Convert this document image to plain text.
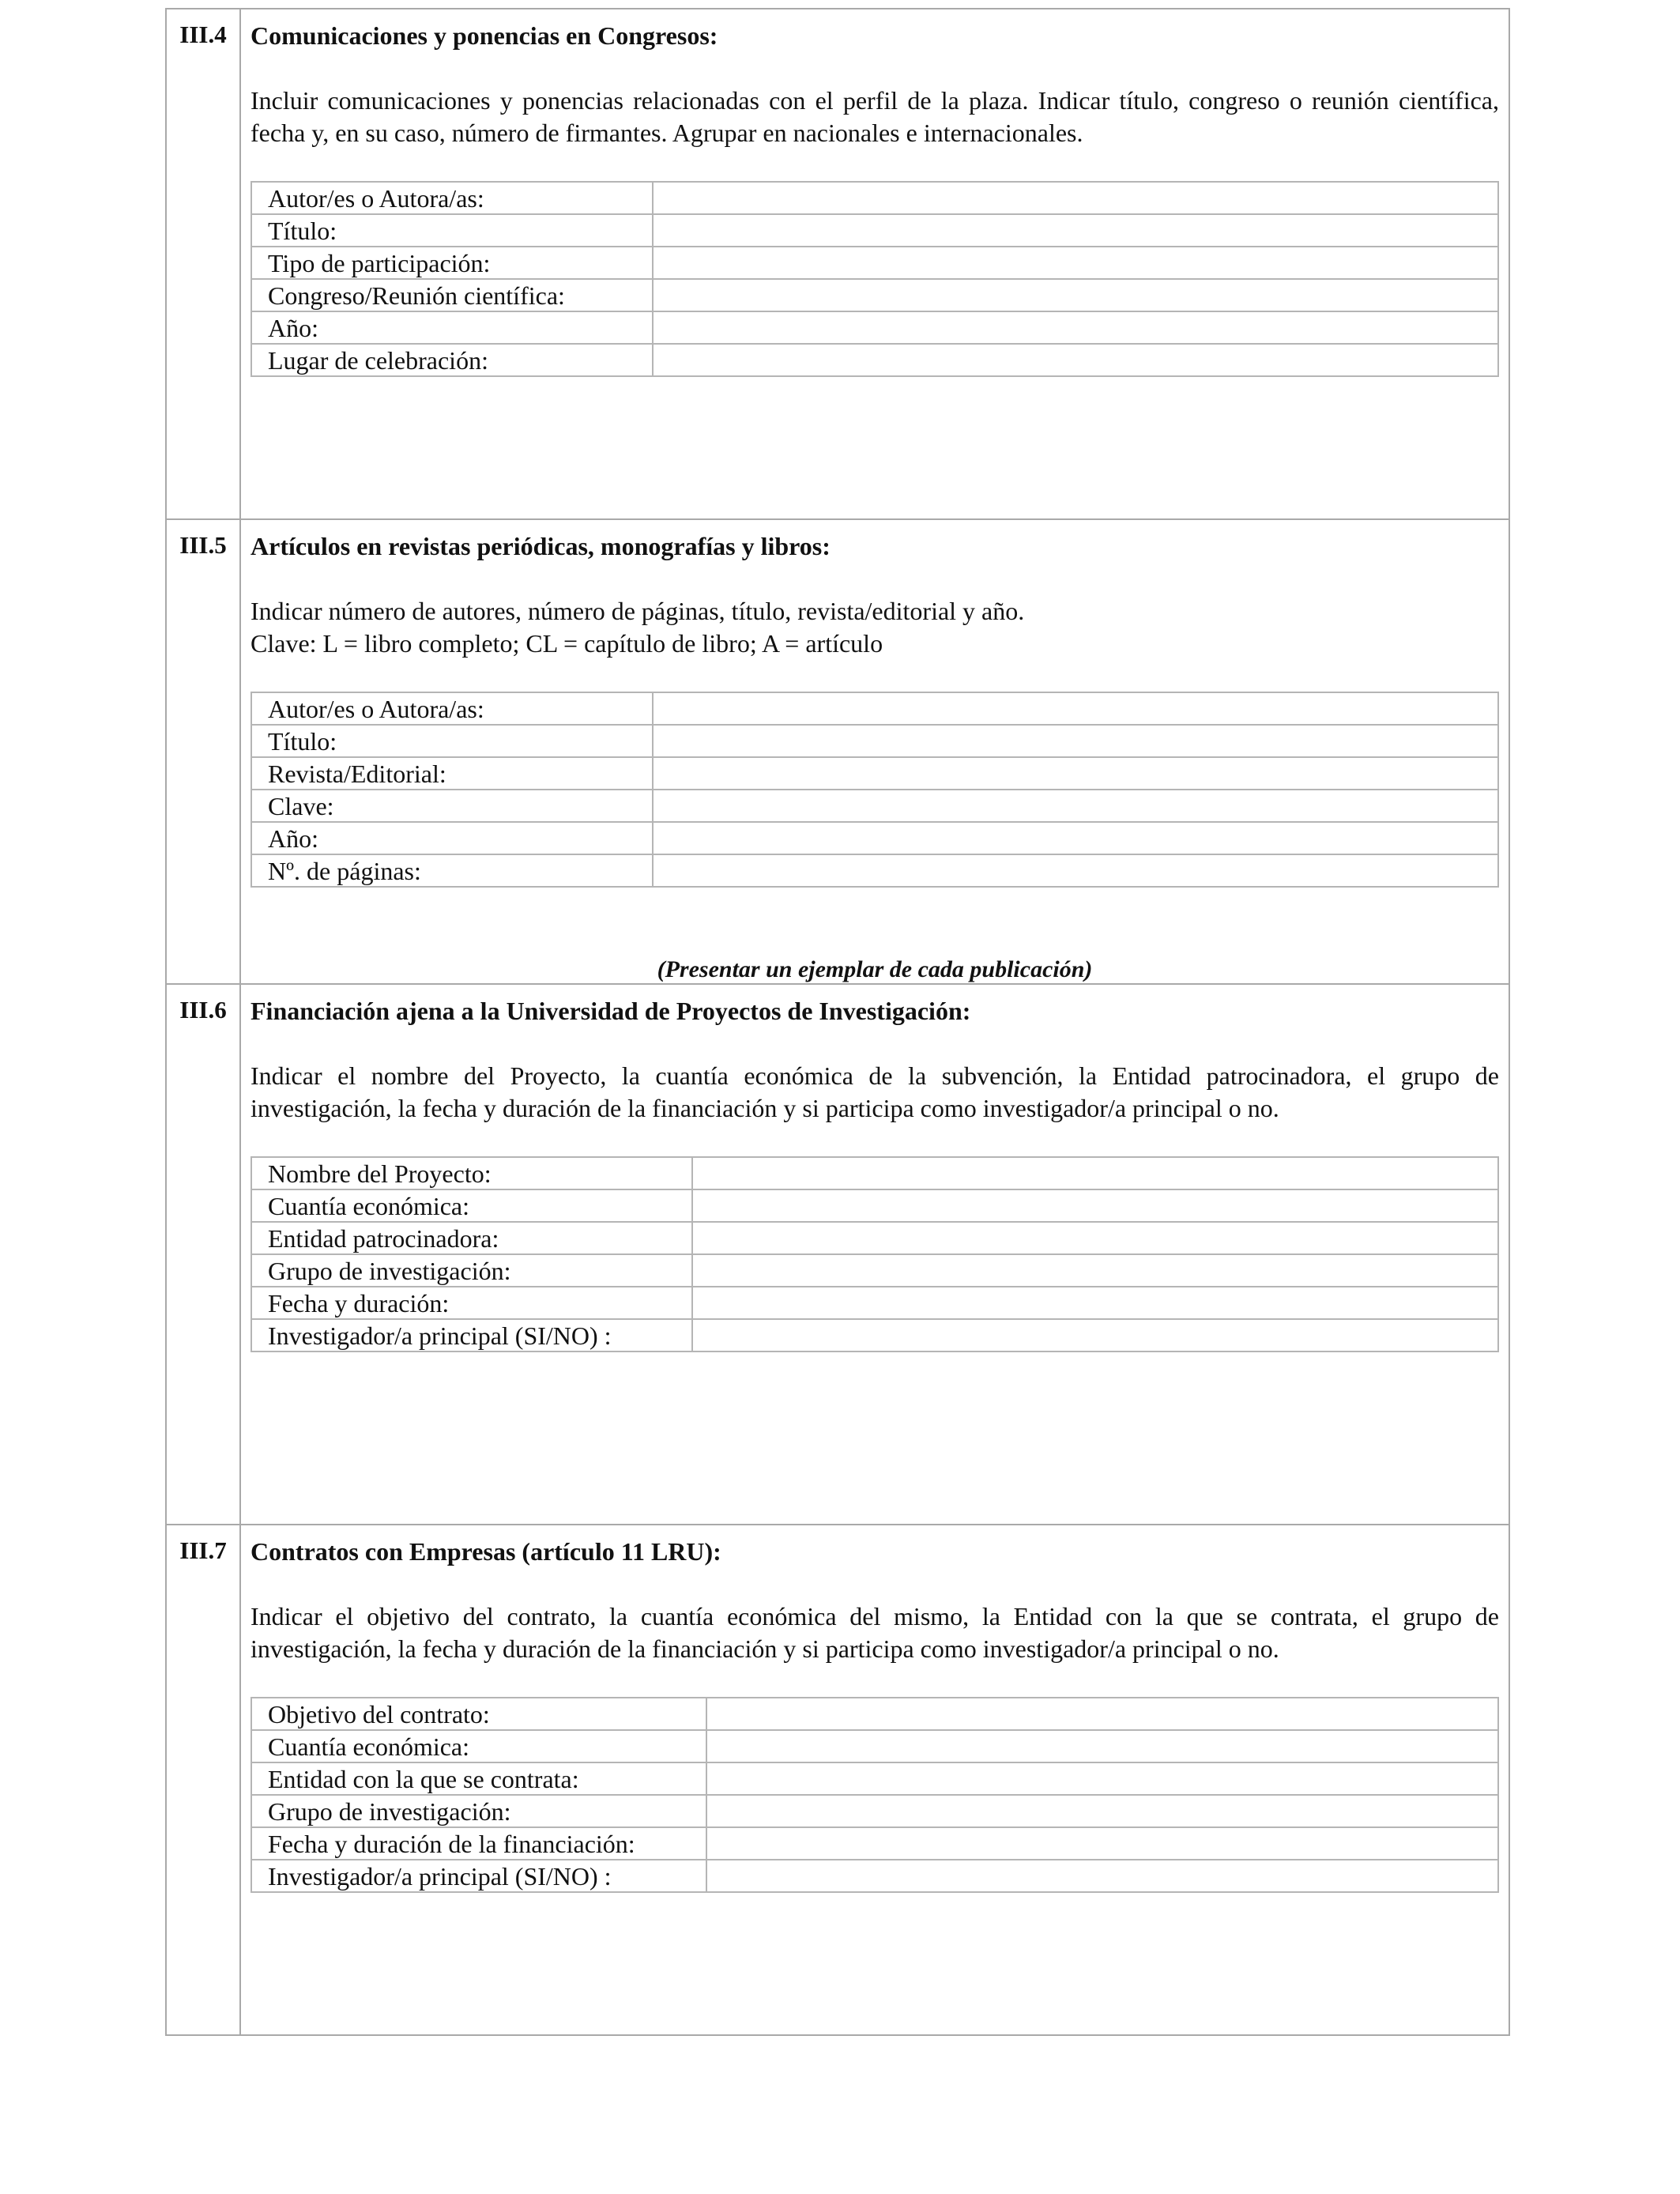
III.4	Comunicaciones y ponencias en Congresos:

Incluir comunicaciones y ponencias relacionadas con el perfil de la plaza. Indicar título, congreso o reunión científica, fecha y, en su caso, número de firmantes. Agrupar en nacionales e internacionales.

Autor/es o Autora/as:	
Título:	
Tipo de participación:	
Congreso/Reunión científica:	
Año:	
Lugar de celebración:	

III.5	Artículos en revistas periódicas, monografías y libros:

Indicar número de autores, número de páginas, título, revista/editorial y año.

Clave: L = libro completo; CL = capítulo de libro; A = artículo

Autor/es o Autora/as:	
Título:	
Revista/Editorial:	
Clave:	
Año:	
Nº. de páginas:	
(Presentar un ejemplar de cada publicación)

III.6	Financiación ajena a la Universidad de Proyectos de Investigación:

Indicar el nombre del Proyecto, la cuantía económica de la subvención, la Entidad patrocinadora, el grupo de investigación, la fecha y duración de la financiación y si participa como investigador/a principal o no.

Nombre del Proyecto:	
Cuantía económica:	
Entidad patrocinadora:	
Grupo de investigación:	
Fecha y duración:	
Investigador/a principal (SI/NO) :	

III.7	Contratos con Empresas (artículo 11 LRU):

Indicar el objetivo del contrato, la cuantía económica del mismo, la Entidad con la que se contrata, el grupo de investigación, la fecha y duración de la financiación y si participa como investigador/a principal o no.

Objetivo del contrato:	
Cuantía económica:	
Entidad con la que se contrata:	
Grupo de investigación:	
Fecha y duración de la financiación:	
Investigador/a principal (SI/NO) :	
